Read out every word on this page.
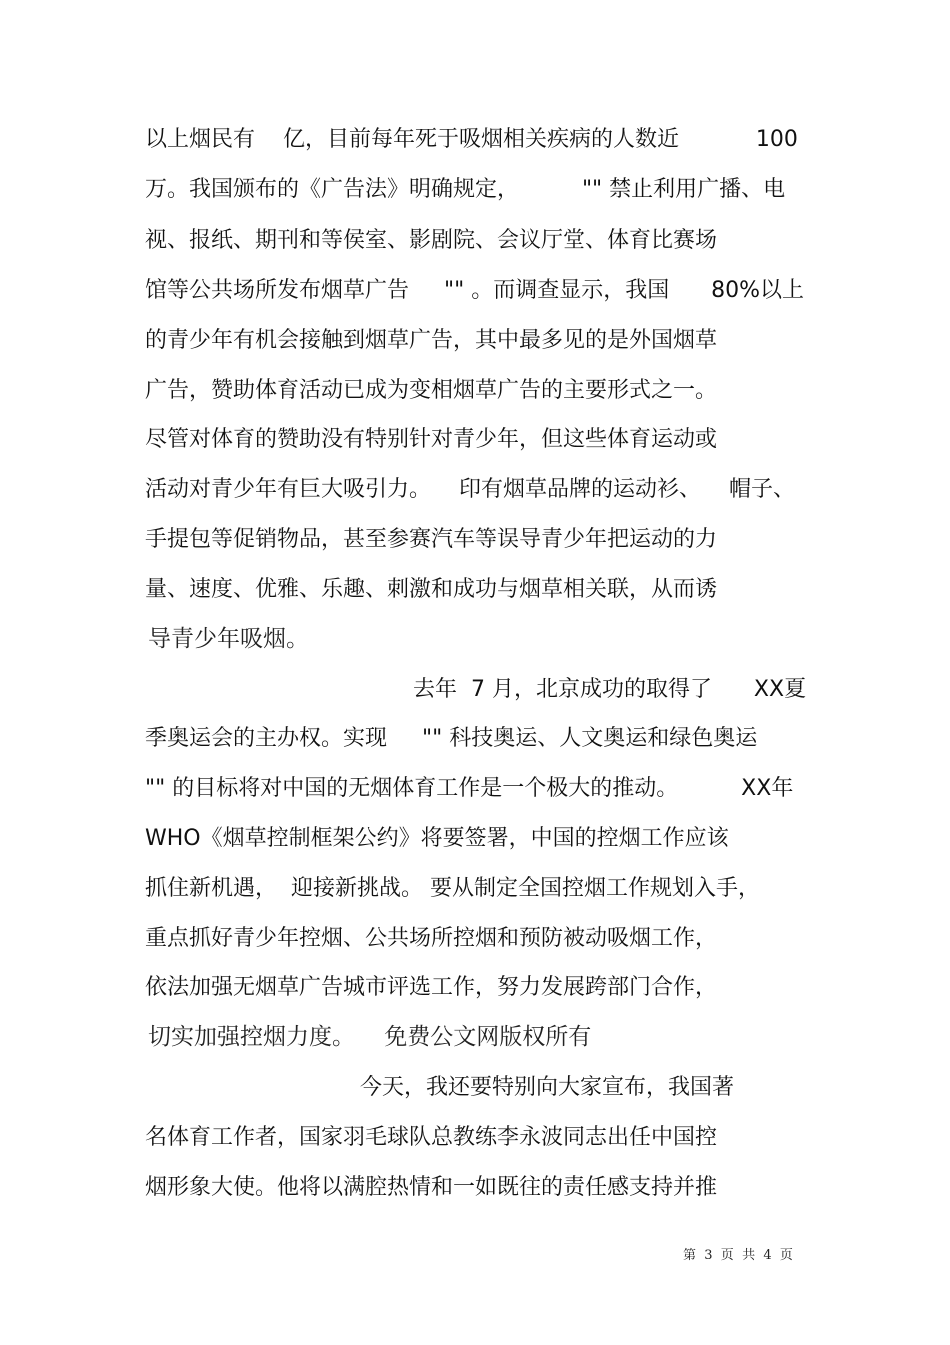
以上烟民有    亿，目前每年死于吸烟相关疾病的人数近           100
万。我国颁布的《广告法》明确规定，         "" 禁止利用广播、电
视、报纸、期刊和等侯室、影剧院、会议厅堂、体育比赛场
馆等公共场所发布烟草广告     "" 。而调查显示，我国      80%以上
的青少年有机会接触到烟草广告，其中最多见的是外国烟草
广告，赞助体育活动已成为变相烟草广告的主要形式之一。
尽管对体育的赞助没有特别针对青少年，但这些体育运动或
活动对青少年有巨大吸引力。    印有烟草品牌的运动衫、    帽子、
手提包等促销物品，甚至参赛汽车等误导青少年把运动的力
量、速度、优雅、乐趣、刺激和成功与烟草相关联，从而诱
导青少年吸烟。
去年  7 月，北京成功的取得了      XX夏
季奥运会的主办权。实现     "" 科技奥运、人文奥运和绿色奥运
"" 的目标将对中国的无烟体育工作是一个极大的推动。         XX年
WHO《烟草控制框架公约》将要签署，中国的控烟工作应该
抓住新机遇，  迎接新挑战。 要从制定全国控烟工作规划入手，
重点抓好青少年控烟、公共场所控烟和预防被动吸烟工作，
依法加强无烟草广告城市评选工作，努力发展跨部门合作，
切实加强控烟力度。    免费公文网版权所有
今天，我还要特别向大家宣布，我国著
名体育工作者，国家羽毛球队总教练李永波同志出任中国控
烟形象大使。他将以满腔热情和一如既往的责任感支持并推
第  3  页  共  4  页
